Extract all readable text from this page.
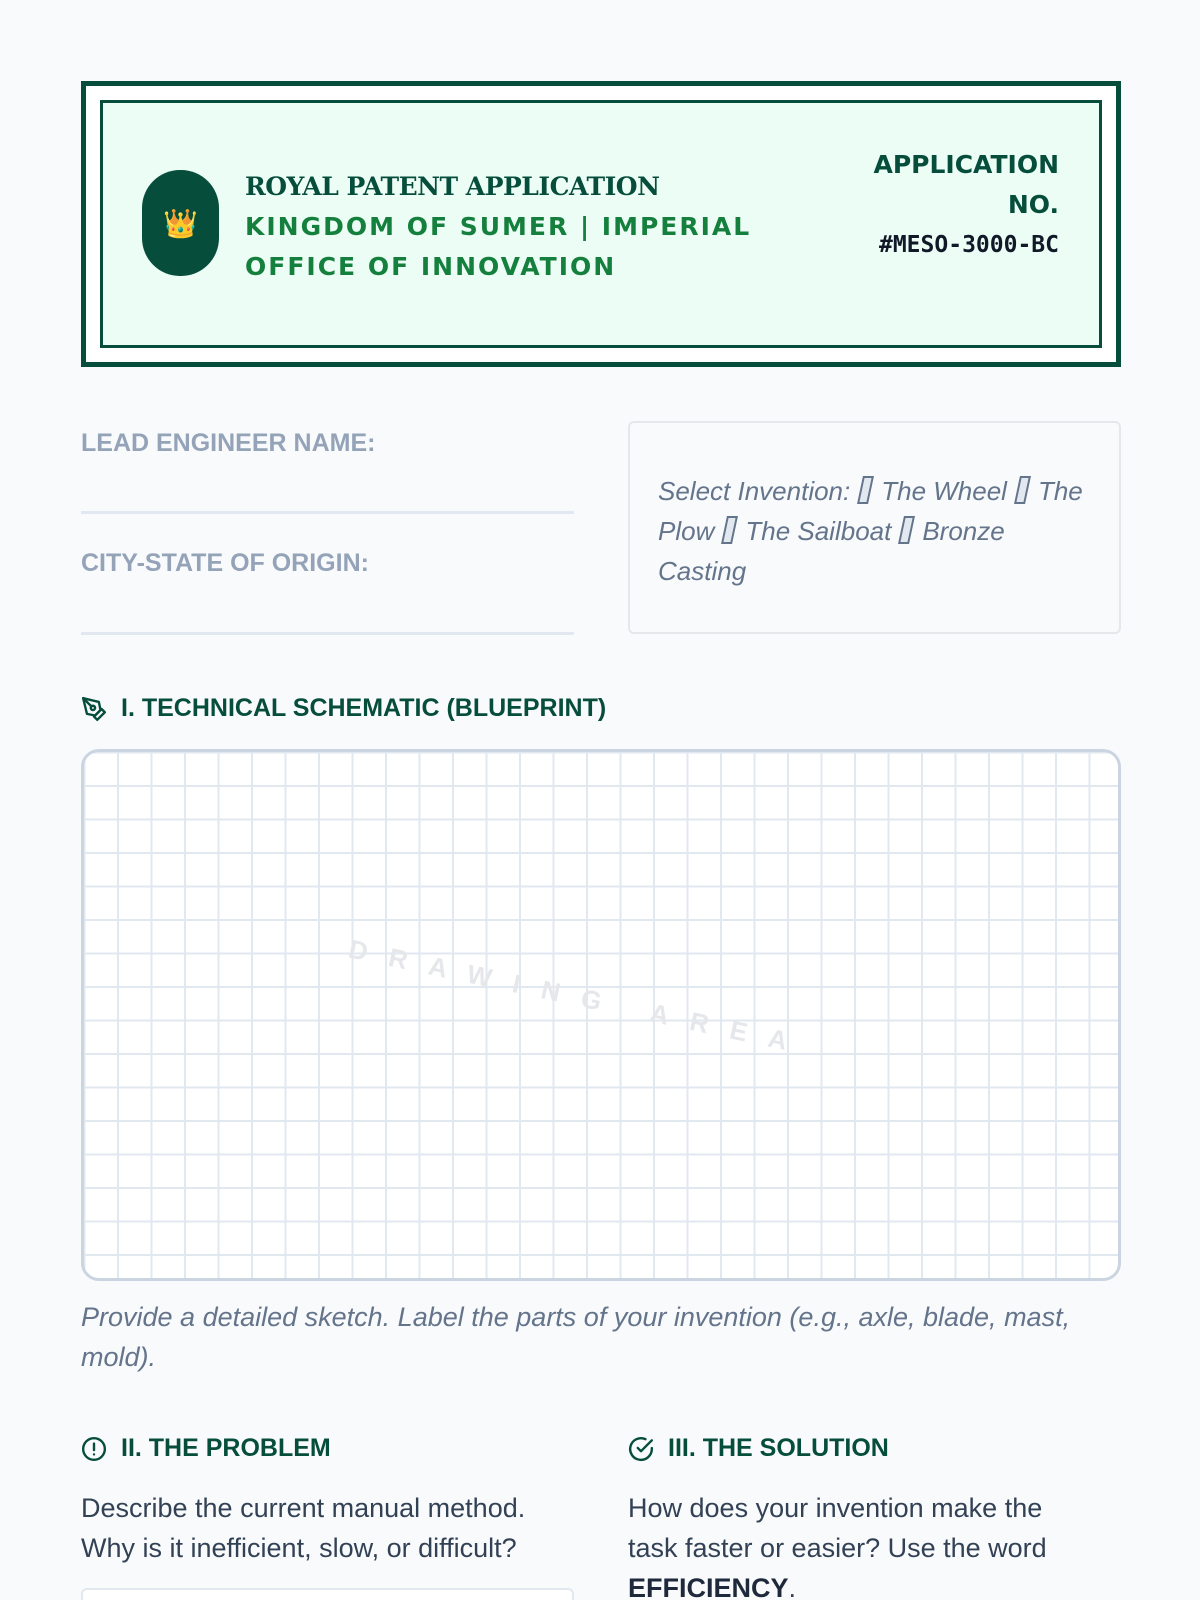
👑
ROYAL PATENT APPLICATION
KINGDOM OF SUMER | IMPERIAL OFFICE OF INNOVATION
APPLICATION NO.
#MESO-3000-BC
LEAD ENGINEER NAME:
CITY-STATE OF ORIGIN:
Select Invention: The Wheel The Plow The Sailboat Bronze Casting
I. TECHNICAL SCHEMATIC (BLUEPRINT)
DRAWING AREA
Provide a detailed sketch. Label the parts of your invention (e.g., axle, blade, mast, mold).
II. THE PROBLEM
Describe the current manual method. Why is it inefficient, slow, or difficult?
III. THE SOLUTION
How does your invention make the task faster or easier? Use the word EFFICIENCY.
